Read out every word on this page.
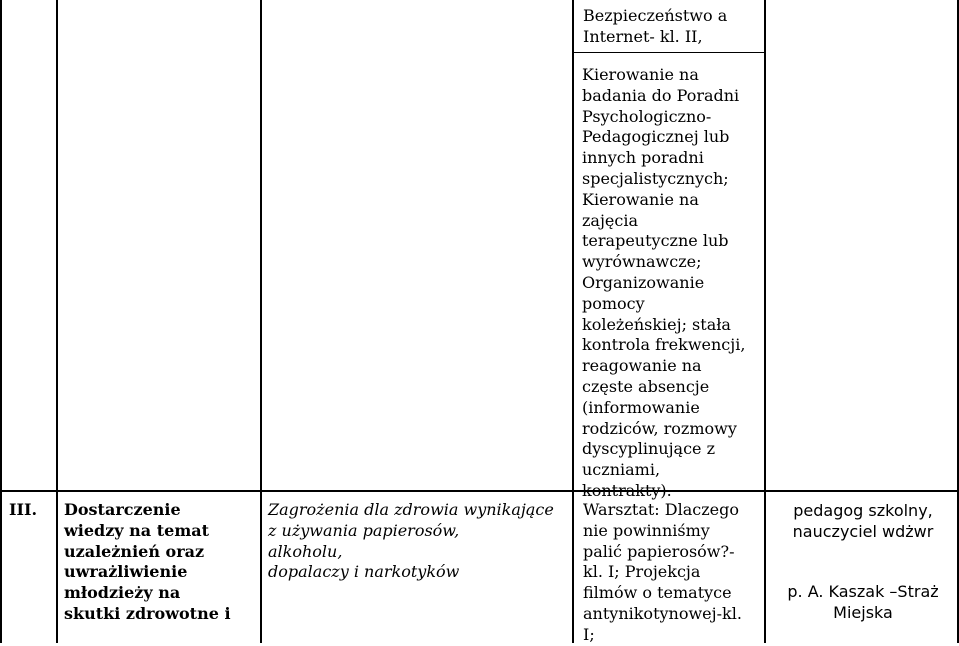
Bezpieczeństwo a
Internet- kl. II,
Kierowanie na
badania do Poradni
Psychologiczno-
Pedagogicznej lub
innych poradni
specjalistycznych;
Kierowanie na
zajęcia
terapeutyczne lub
wyrównawcze;
Organizowanie
pomocy
koleżeńskiej; stała
kontrola frekwencji,
reagowanie na
częste absencje
(informowanie
rodziców, rozmowy
dyscyplinujące z
uczniami,
kontrakty).
III.	Dostarczenie
wiedzy na temat
uzależnień oraz
uwrażliwienie
młodzieży na
skutki zdrowotne i
Zagrożenia dla zdrowia wynikające
z używania papierosów,
alkoholu,
dopalaczy i narkotyków
Warsztat: Dlaczego
nie powinniśmy
palić papierosów?-
kl. I; Projekcja
filmów o tematyce
antynikotynowej-kl.
I;
pedagog szkolny,
nauczyciel wdżwr
p. A. Kaszak –Straż
Miejska
